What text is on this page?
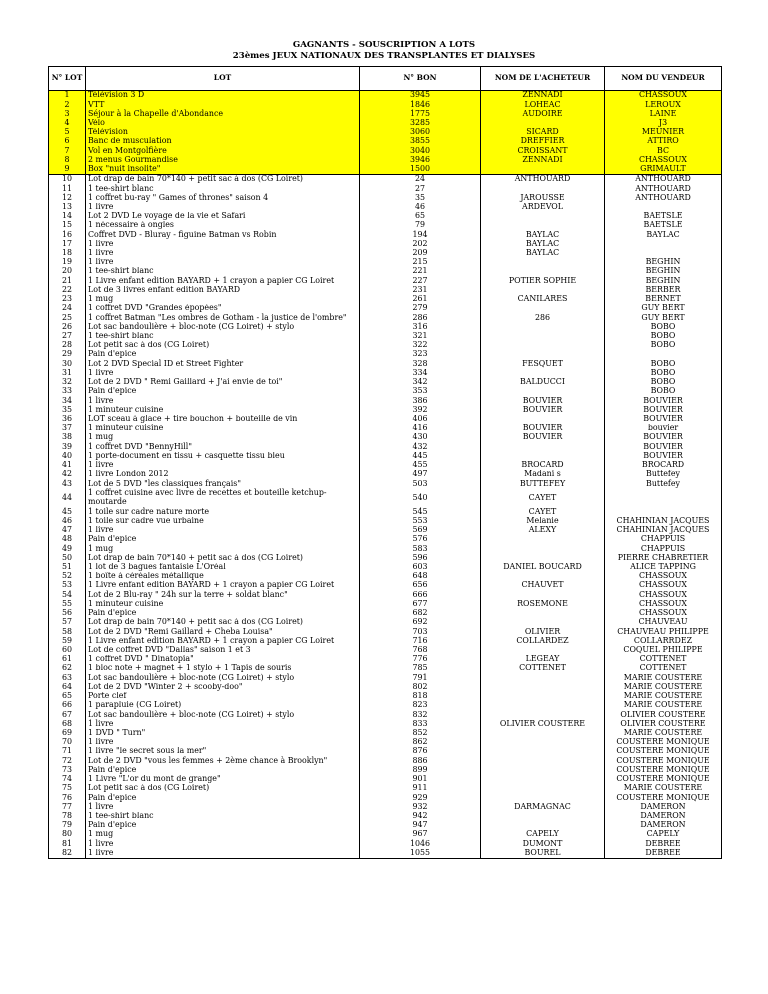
GAGNANTS - SOUSCRIPTION A LOTS
23èmes JEUX NATIONAUX DES TRANSPLANTES ET DIALYSES
N° LOT	LOT	N° BON	NOM DE L'ACHETEUR	NOM DU VENDEUR
1	Télévision 3 D	3945	ZENNADI	CHASSOUX
2	VTT	1846	LOHEAC	LEROUX
3	Séjour à la Chapelle d'Abondance	1775	AUDOIRE	LAINE
4	Vélo	3285		J3
5	Télévision	3060	SICARD	MEUNIER
6	Banc de musculation	3855	DREFFIER	ATTIRO
7	Vol en Montgolfière	3040	CROISSANT	BC
8	2 menus Gourmandise	3946	ZENNADI	CHASSOUX
9	Box "nuit insolite"	1500		GRIMAULT
10	Lot drap de bain 70*140 + petit sac à dos (CG Loiret)	24	ANTHOUARD	ANTHOUARD
11	1 tee-shirt blanc	27		ANTHOUARD
12	1 coffret bu-ray " Games of thrones" saison 4	35	JAROUSSE	ANTHOUARD
13	1 livre	46	ARDEVOL	
14	Lot 2 DVD Le voyage de la vie et Safari	65		BAETSLE
15	1 nécessaire à ongles	79		BAETSLE
16	Coffret DVD - Bluray - figuine Batman vs Robin	194	BAYLAC	BAYLAC
17	1 livre	202	BAYLAC	
18	1 livre	209	BAYLAC	
19	1 livre	215		BEGHIN
20	1 tee-shirt blanc	221		BEGHIN
21	1 Livre enfant edition BAYARD + 1 crayon a papier CG Loiret	227	POTIER SOPHIE	BEGHIN
22	Lot de 3 livres enfant edition BAYARD	231		BERBER
23	1 mug	261	CANILARES	BERNET
24	1 coffret DVD "Grandes épopées"	279		GUY BERT
25	1 coffret Batman "Les ombres de Gotham - la justice de l'ombre"	286	286	GUY BERT
26	Lot sac bandoulière + bloc-note (CG Loiret) + stylo	316		BOBO
27	1 tee-shirt blanc	321		BOBO
28	Lot petit sac à dos (CG Loiret)	322		BOBO
29	Pain d'epice	323		
30	Lot 2 DVD Special ID et Street Fighter	328	FESQUET	BOBO
31	1 livre	334		BOBO
32	Lot de 2 DVD " Remi Gaillard + J'ai envie de toi"	342	BALDUCCI	BOBO
33	Pain d'epice	353		BOBO
34	1 livre	386	BOUVIER	BOUVIER
35	1 minuteur cuisine	392	BOUVIER	BOUVIER
36	LOT sceau à glace + tire bouchon + bouteille de vin	406		BOUVIER
37	1 minuteur cuisine	416	BOUVIER	bouvier
38	1 mug	430	BOUVIER	BOUVIER
39	1 coffret DVD "BennyHill"	432		BOUVIER
40	1 porte-document en tissu + casquette tissu bleu	445		BOUVIER
41	1 livre	455	BROCARD	BROCARD
42	1 livre London 2012	497	Madani s	Buttefey
43	Lot de 5 DVD "les classiques français"	503	BUTTEFEY	Buttefey
44	1 coffret cuisine avec livre de recettes et bouteille ketchup-moutarde	540	CAYET	
45	1 toile sur cadre nature morte	545	CAYET	
46	1 toile sur cadre vue urbaine	553	Melanie	CHAHINIAN JACQUES
47	1 livre	569	ALEXY	CHAHINIAN JACQUES
48	Pain d'epice	576		CHAPPUIS
49	1 mug	583		CHAPPUIS
50	Lot drap de bain 70*140 + petit sac à dos (CG Loiret)	596		PIERRE CHABRETIER
51	1 lot de 3 bagues fantaisie L'Oréal	603	DANIEL BOUCARD	ALICE TAPPING
52	1 boîte à céréales métallique	648		CHASSOUX
53	1 Livre enfant edition BAYARD + 1 crayon a papier CG Loiret	656	CHAUVET	CHASSOUX
54	Lot de 2 Blu-ray " 24h sur la terre + soldat blanc"	666		CHASSOUX
55	1 minuteur cuisine	677	ROSEMONE	CHASSOUX
56	Pain d'epice	682		CHASSOUX
57	Lot drap de bain 70*140 + petit sac à dos (CG Loiret)	692		CHAUVEAU
58	Lot de 2 DVD "Remi Gaillard + Cheba Louisa"	703	OLIVIER	CHAUVEAU PHILIPPE
59	1 Livre enfant edition BAYARD + 1 crayon a papier CG Loiret	716	COLLARDEZ	COLLARRDEZ
60	Lot de coffret DVD "Dallas" saison 1 et 3	768		COQUEL PHILIPPE
61	1 coffret DVD " Dinatopia"	776	LEGEAY	COTTENET
62	1 bloc note + magnet + 1 stylo + 1 Tapis de souris	785	COTTENET	COTTENET
63	Lot sac bandoulière + bloc-note (CG Loiret) + stylo	791		MARIE COUSTERE
64	Lot de 2 DVD "Winter 2 + scooby-doo"	802		MARIE COUSTERE
65	Porte clef	818		MARIE COUSTERE
66	1 parapluie (CG Loiret)	823		MARIE COUSTERE
67	Lot sac bandoulière + bloc-note (CG Loiret) + stylo	832		OLIVIER COUSTERE
68	1 livre	833	OLIVIER COUSTERE	OLIVIER COUSTERE
69	1 DVD " Turn"	852		MARIE COUSTERE
70	1 livre	862		COUSTERE MONIQUE
71	1 livre "le secret sous la mer"	876		COUSTERE MONIQUE
72	Lot de 2 DVD "vous les femmes + 2ème chance à Brooklyn"	886		COUSTERE MONIQUE
73	Pain d'epice	899		COUSTERE MONIQUE
74	1 Livre "L'or du mont de grange"	901		COUSTERE MONIQUE
75	Lot petit sac à dos (CG Loiret)	911		MARIE COUSTERE
76	Pain d'epice	929		COUSTERE MONIQUE
77	1 livre	932	DARMAGNAC	DAMERON
78	1 tee-shirt blanc	942		DAMERON
79	Pain d'epice	947		DAMERON
80	1 mug	967	CAPELY	CAPELY
81	1 livre	1046	DUMONT	DEBREE
82	1 livre	1055	BOUREL	DEBREE
